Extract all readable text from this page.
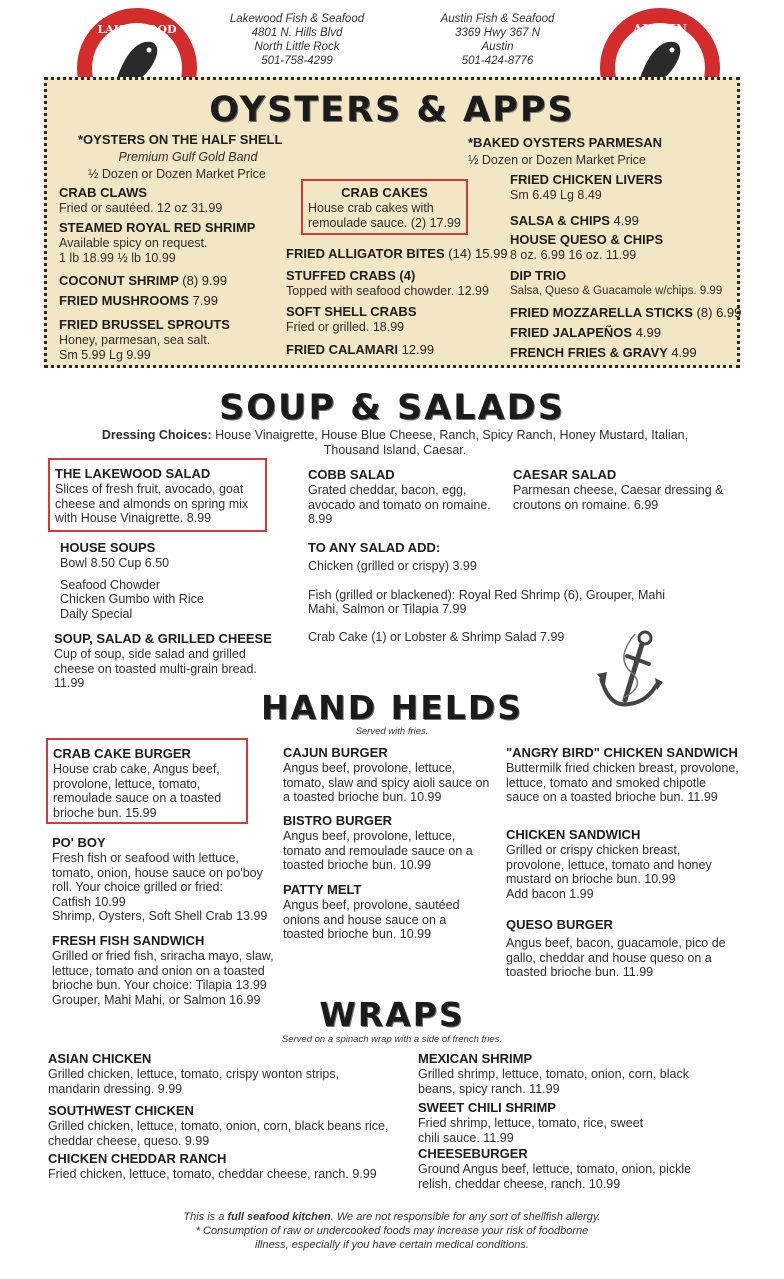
LAKE WOOD
Lakewood Fish & Seafood
4801 N. Hills Blvd
North Little Rock
501-758-4299
Austin Fish & Seafood
3369 Hwy 367 N
Austin
501-424-8776
AUSTIN
OYSTERS & APPS
*OYSTERS ON THE HALF SHELL
Premium Gulf Gold Band
½ Dozen or Dozen Market Price
CRAB CLAWS
Fried or sautéed. 12 oz 31.99
STEAMED ROYAL RED SHRIMP
Available spicy on request.
1 lb 18.99 ½ lb 10.99
COCONUT SHRIMP (8) 9.99
FRIED MUSHROOMS 7.99
FRIED BRUSSEL SPROUTS
Honey, parmesan, sea salt.
Sm 5.99 Lg 9.99
CRAB CAKES
House crab cakes with remoulade sauce. (2) 17.99
FRIED ALLIGATOR BITES (14) 15.99
STUFFED CRABS (4)
Topped with seafood chowder. 12.99
SOFT SHELL CRABS
Fried or grilled. 18.99
FRIED CALAMARI 12.99
*BAKED OYSTERS PARMESAN
½ Dozen or Dozen Market Price
FRIED CHICKEN LIVERS
Sm 6.49 Lg 8.49
SALSA & CHIPS 4.99
HOUSE QUESO & CHIPS
8 oz. 6.99 16 oz. 11.99
DIP TRIO
Salsa, Queso & Guacamole w/chips. 9.99
FRIED MOZZARELLA STICKS (8) 6.99
FRIED JALAPEÑOS 4.99
FRENCH FRIES & GRAVY 4.99
SOUP & SALADS
Dressing Choices: House Vinaigrette, House Blue Cheese, Ranch, Spicy Ranch, Honey Mustard, Italian,
Thousand Island, Caesar.
THE LAKEWOOD SALAD
Slices of fresh fruit, avocado, goat cheese and almonds on spring mix with House Vinaigrette. 8.99
COBB SALAD
Grated cheddar, bacon, egg, avocado and tomato on romaine. 8.99
CAESAR SALAD
Parmesan cheese, Caesar dressing & croutons on romaine. 6.99
HOUSE SOUPS
Bowl 8.50 Cup 6.50
Seafood Chowder
Chicken Gumbo with Rice
Daily Special
SOUP, SALAD & GRILLED CHEESE
Cup of soup, side salad and grilled cheese on toasted multi-grain bread. 11.99
TO ANY SALAD ADD:
Chicken (grilled or crispy) 3.99
Fish (grilled or blackened): Royal Red Shrimp (6), Grouper, Mahi Mahi, Salmon or Tilapia 7.99
Crab Cake (1) or Lobster & Shrimp Salad 7.99
HAND HELDS
Served with fries.
CRAB CAKE BURGER
House crab cake, Angus beef, provolone, lettuce, tomato, remoulade sauce on a toasted brioche bun. 15.99
PO' BOY
Fresh fish or seafood with lettuce, tomato, onion, house sauce on po'boy roll. Your choice grilled or fried:
Catfish 10.99
Shrimp, Oysters, Soft Shell Crab 13.99
FRESH FISH SANDWICH
Grilled or fried fish, sriracha mayo, slaw, lettuce, tomato and onion on a toasted brioche bun. Your choice: Tilapia 13.99
Grouper, Mahi Mahi, or Salmon 16.99
CAJUN BURGER
Angus beef, provolone, lettuce, tomato, slaw and spicy aioli sauce on a toasted brioche bun. 10.99
BISTRO BURGER
Angus beef, provolone, lettuce, tomato and remoulade sauce on a toasted brioche bun. 10.99
PATTY MELT
Angus beef, provolone, sautéed onions and house sauce on a toasted brioche bun. 10.99
"ANGRY BIRD" CHICKEN SANDWICH
Buttermilk fried chicken breast, provolone, lettuce, tomato and smoked chipotle sauce on a toasted brioche bun. 11.99
CHICKEN SANDWICH
Grilled or crispy chicken breast, provolone, lettuce, tomato and honey mustard on brioche bun. 10.99
Add bacon 1.99
QUESO BURGER
Angus beef, bacon, guacamole, pico de gallo, cheddar and house queso on a toasted brioche bun. 11.99
WRAPS
Served on a spinach wrap with a side of french fries.
ASIAN CHICKEN
Grilled chicken, lettuce, tomato, crispy wonton strips, mandarin dressing. 9.99
SOUTHWEST CHICKEN
Grilled chicken, lettuce, tomato, onion, corn, black beans rice, cheddar cheese, queso. 9.99
CHICKEN CHEDDAR RANCH
Fried chicken, lettuce, tomato, cheddar cheese, ranch. 9.99
MEXICAN SHRIMP
Grilled shrimp, lettuce, tomato, onion, corn, black beans, spicy ranch. 11.99
SWEET CHILI SHRIMP
Fried shrimp, lettuce, tomato, rice, sweet chili sauce. 11.99
CHEESEBURGER
Ground Angus beef, lettuce, tomato, onion, pickle relish, cheddar cheese, ranch. 10.99
This is a full seafood kitchen. We are not responsible for any sort of shellfish allergy.
* Consumption of raw or undercooked foods may increase your risk of foodborne
illness, especially if you have certain medical conditions.
